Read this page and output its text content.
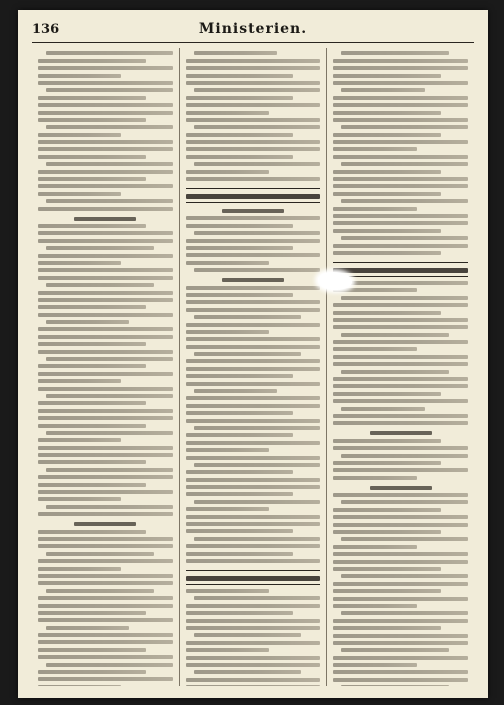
136	Ministerien.
